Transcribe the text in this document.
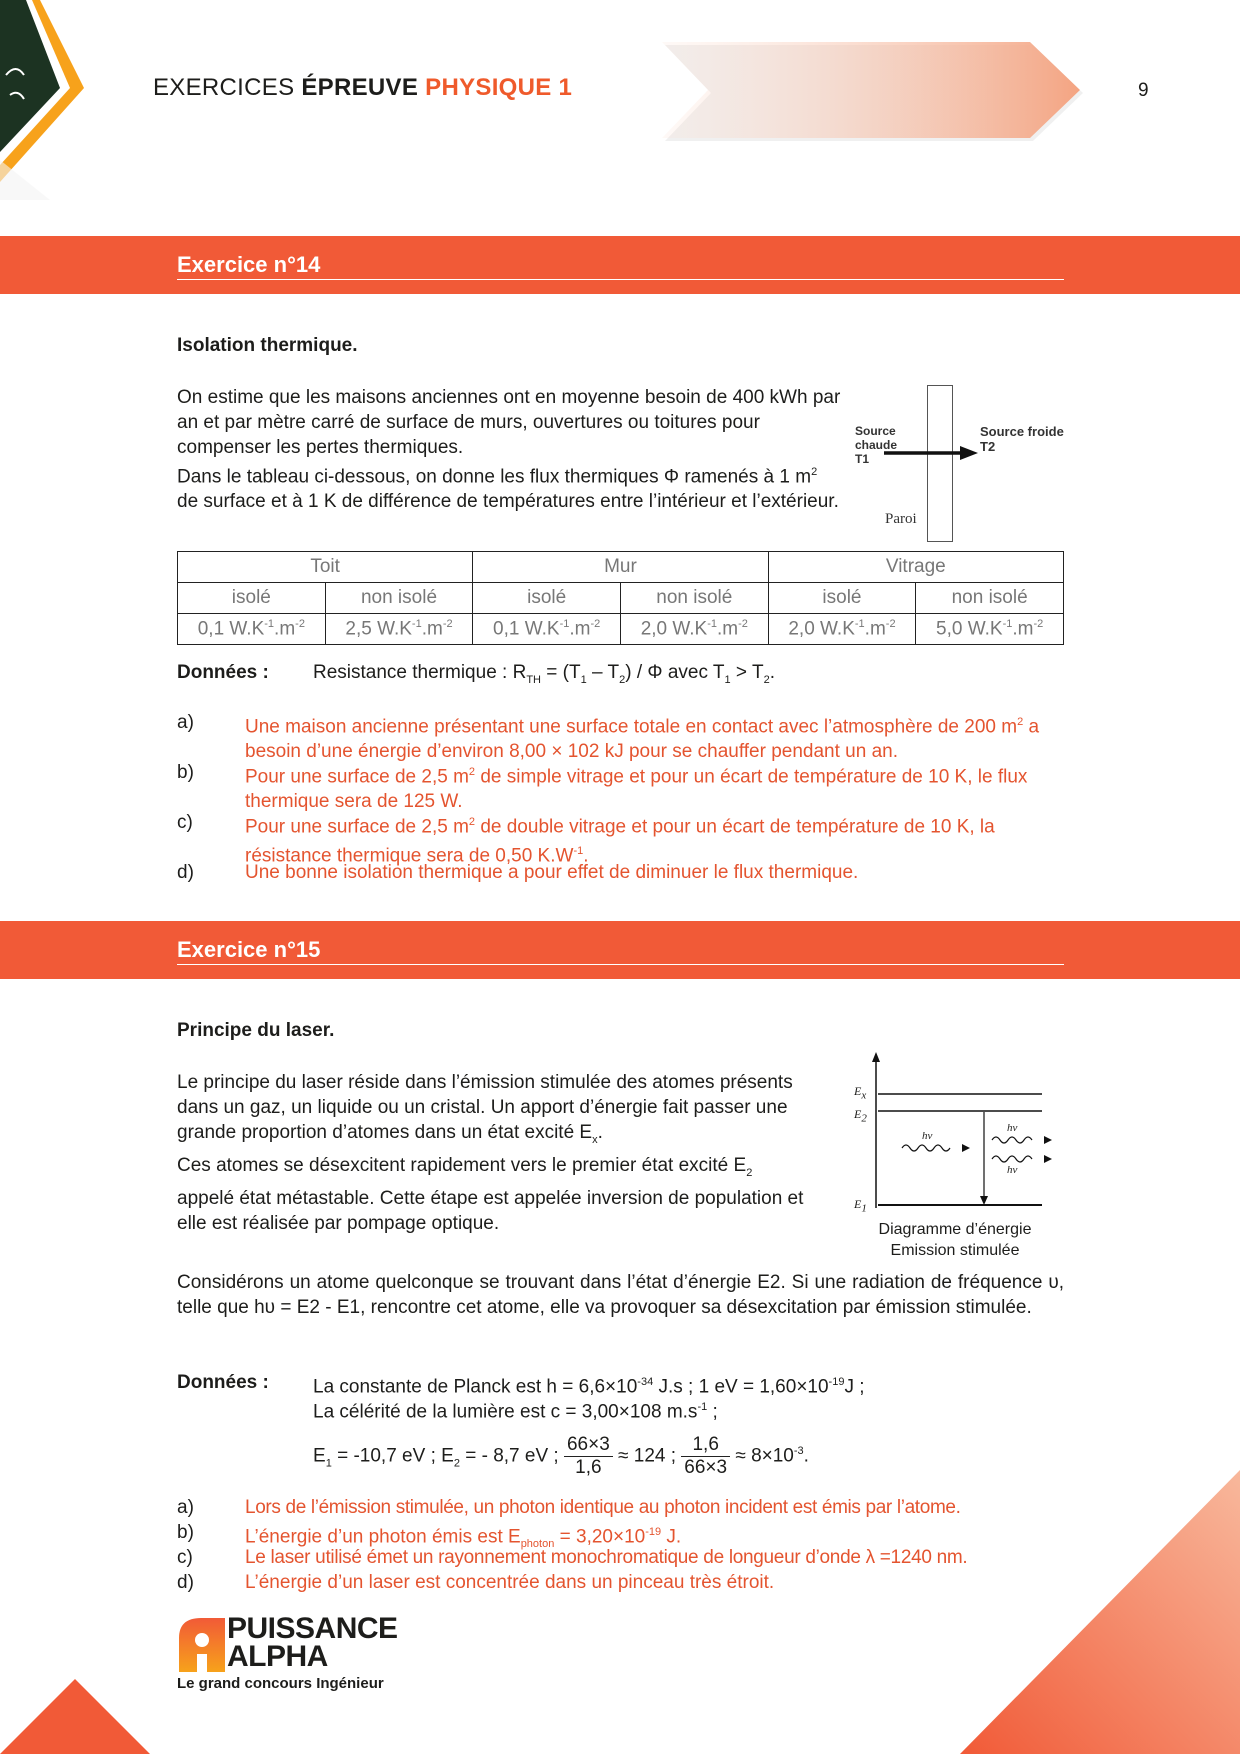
EXERCICES ÉPREUVE PHYSIQUE 1	9
Exercice n°14
Isolation thermique.
On estime que les maisons anciennes ont en moyenne besoin de 400 kWh par an et par mètre carré de surface de murs, ouvertures ou toitures pour compenser les pertes thermiques.
Dans le tableau ci-dessous, on donne les flux thermiques Φ ramenés à 1 $m^2$ de surface et à 1 K de différence de températures entre l’intérieur et l’extérieur.
Source
chaude
T1
Source froide
T2
Paroi
Toit		Mur		Vitrage	
isolé	non isolé	isolé	non isolé	isolé	non isolé
0,1 $W.K^{-1}.m^{-2}$	2,5 $W.K^{-1}.m^{-2}$	0,1 $W.K^{-1}.m^{-2}$	2,0 $W.K^{-1}.m^{-2}$	2,0 $W.K^{-1}.m^{-2}$	5,0 $W.K^{-1}.m^{-2}$
Données : Resistance thermique : $R_{TH} = (T_1 - T_2) / \Phi$ avec $T_1 > T_2$.
a)	Une maison ancienne présentant une surface totale en contact avec l’atmosphère de 200 $m^2$ a besoin d’une énergie d’environ 8,00 × 102 kJ pour se chauffer pendant un an.
b)	Pour une surface de 2,5 $m^2$ de simple vitrage et pour un écart de température de 10 K, le flux thermique sera de 125 W.
c)	Pour une surface de 2,5 $m^2$ de double vitrage et pour un écart de température de 10 K, la résistance thermique sera de 0,50 $K.W^{-1}$.
d)	Une bonne isolation thermique a pour effet de diminuer le flux thermique.
Exercice n°15
Principe du laser.
Le principe du laser réside dans l’émission stimulée des atomes présents dans un gaz, un liquide ou un cristal. Un apport d’énergie fait passer une grande proportion d’atomes dans un état excité $E_x$.
Ces atomes se désexcitent rapidement vers le premier état excité $E_2$ appelé état métastable. Cette étape est appelée inversion de population et elle est réalisée par pompage optique.
$E_x$
$E_2$
$E_1$
hν
hν
hν
Diagramme d’énergie
Emission stimulée
Considérons un atome quelconque se trouvant dans l’état d’énergie E2. Si une radiation de fréquence υ, telle que hυ = E2 - E1, rencontre cet atome, elle va provoquer sa désexcitation par émission stimulée.
Données : La constante de Planck est $h = 6,6\times 10^{-34}$ J.s ; 1 eV = $1,60\times 10^{-19}J$ ;
La célérité de la lumière est c = 3,00×108 $m.s^{-1}$ ;
$E_1 = -10,7$ eV ; $E_2$ = - 8,7 eV ; $\frac{66\times 3}{1,6} \approx 124$ ; $\frac{1,6}{66\times 3} \approx 8\times 10^{-3}$.
a)	Lors de l’émission stimulée, un photon identique au photon incident est émis par l’atome.
b)	L’énergie d’un photon émis est $E_{photon} = 3,20\times 10^{-19}$ J.
c)	Le laser utilisé émet un rayonnement monochromatique de longueur d’onde λ =1240 nm.
d)	L’énergie d’un laser est concentrée dans un pinceau très étroit.
PUISSANCE
ALPHA
Le grand concours Ingénieur
